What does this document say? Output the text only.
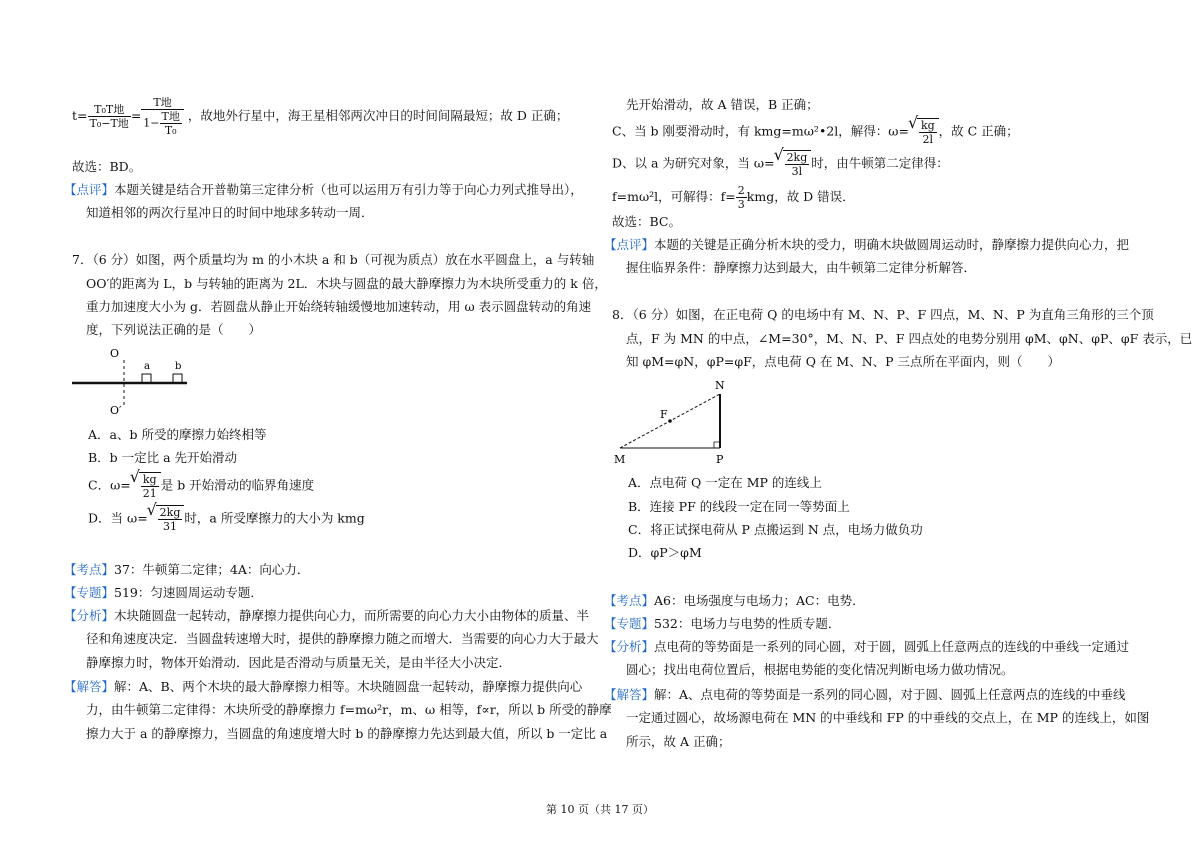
$t= \frac{\text{T₀T地}}{\text{T₀−T地}} = \frac{\text{T地}}{1- \frac{\text{T地}}{\text{T₀}}}$ ，故地外行星中，海王星相邻两次冲日的时间间隔最短；故 D 正确；
故选：BD。
【点评】本题关键是结合开普勒第三定律分析（也可以运用万有引力等于向心力列式推导出），
知道相邻的两次行星冲日的时间中地球多转动一周．
7．（6 分）如图，两个质量均为 m 的小木块 a 和 b（可视为质点）放在水平圆盘上，a 与转轴
OO′的距离为 L，b 与转轴的距离为 2L．木块与圆盘的最大静摩擦力为木块所受重力的 k 倍，
重力加速度大小为 g．若圆盘从静止开始绕转轴缓慢地加速转动，用 ω 表示圆盘转动的角速
度，下列说法正确的是（　　）
O
a	b
O′
A．a、b 所受的摩擦力始终相等
B．b 一定比 a 先开始滑动
C．ω= √ $\frac{kg}{21}$ 是 b 开始滑动的临界角速度
D．当 ω= √ $\frac{2kg}{31}$ 时，a 所受摩擦力的大小为 kmg
【考点】37：牛顿第二定律；4A：向心力．
【专题】519：匀速圆周运动专题．
【分析】木块随圆盘一起转动，静摩擦力提供向心力，而所需要的向心力大小由物体的质量、半
径和角速度决定．当圆盘转速增大时，提供的静摩擦力随之而增大．当需要的向心力大于最大
静摩擦力时，物体开始滑动．因此是否滑动与质量无关，是由半径大小决定．
【解答】解：A、B、两个木块的最大静摩擦力相等。木块随圆盘一起转动，静摩擦力提供向心
力，由牛顿第二定律得：木块所受的静摩擦力 f=mω²r，m、ω 相等，f∝r，所以 b 所受的静摩
擦力大于 a 的静摩擦力，当圆盘的角速度增大时 b 的静摩擦力先达到最大值，所以 b 一定比 a
先开始滑动，故 A 错误，B 正确；
C、当 b 刚要滑动时，有 kmg=mω²•2l，解得：ω= √ $\frac{kg}{2l}$ ，故 C 正确；
D、以 a 为研究对象，当 ω= √ $\frac{2kg}{3l}$ 时，由牛顿第二定律得：
f=mω²l，可解得：$f= \frac{2}{3}$ kmg，故 D 错误．
故选：BC。
【点评】本题的关键是正确分析木块的受力，明确木块做圆周运动时，静摩擦力提供向心力，把
握住临界条件：静摩擦力达到最大，由牛顿第二定律分析解答．
8．（6 分）如图，在正电荷 Q 的电场中有 M、N、P、F 四点，M、N、P 为直角三角形的三个顶
点，F 为 MN 的中点，∠M=30°，M、N、P、F 四点处的电势分别用 φM、φN、φP、φF 表示，已
知 φM=φN，φP=φF，点电荷 Q 在 M、N、P 三点所在平面内，则（　　）
N
F
M	P
A．点电荷 Q 一定在 MP 的连线上
B．连接 PF 的线段一定在同一等势面上
C．将正试探电荷从 P 点搬运到 N 点，电场力做负功
D．φP＞φM
【考点】A6：电场强度与电场力；AC：电势．
【专题】532：电场力与电势的性质专题．
【分析】点电荷的等势面是一系列的同心圆，对于圆，圆弧上任意两点的连线的中垂线一定通过
圆心；找出电荷位置后，根据电势能的变化情况判断电场力做功情况。
【解答】解：A、点电荷的等势面是一系列的同心圆，对于圆、圆弧上任意两点的连线的中垂线
一定通过圆心，故场源电荷在 MN 的中垂线和 FP 的中垂线的交点上，在 MP 的连线上，如图
所示，故 A 正确；
第 10 页（共 17 页）
